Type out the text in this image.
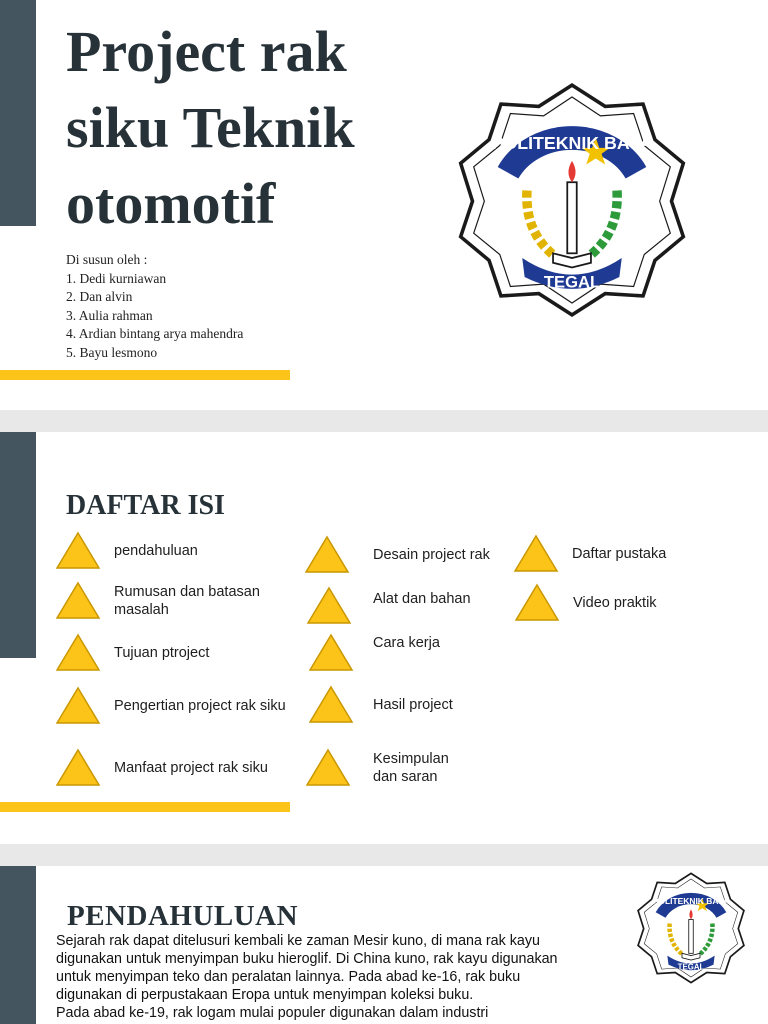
Project rak siku Teknik otomotif
Di susun oleh :
1. Dedi kurniawan
2. Dan alvin
3. Aulia rahman
4. Ardian bintang arya mahendra
5. Bayu lesmono
POLITEKNIK BAJA
TEGAL
DAFTAR ISI
pendahuluan
Rumusan dan batasan masalah
Tujuan ptroject
Pengertian project rak siku
Manfaat project rak siku
Desain project rak
Alat dan bahan
Cara kerja
Hasil project
Kesimpulan dan saran
Daftar pustaka
Video praktik
PENDAHULUAN	POLITEKNIK BAJA
TEGAL
Sejarah rak dapat ditelusuri kembali ke zaman Mesir kuno, di mana rak kayu
digunakan untuk menyimpan buku hieroglif. Di China kuno, rak kayu digunakan
untuk menyimpan teko dan peralatan lainnya. Pada abad ke-16, rak buku
digunakan di perpustakaan Eropa untuk menyimpan koleksi buku.
Pada abad ke-19, rak logam mulai populer digunakan dalam industri
